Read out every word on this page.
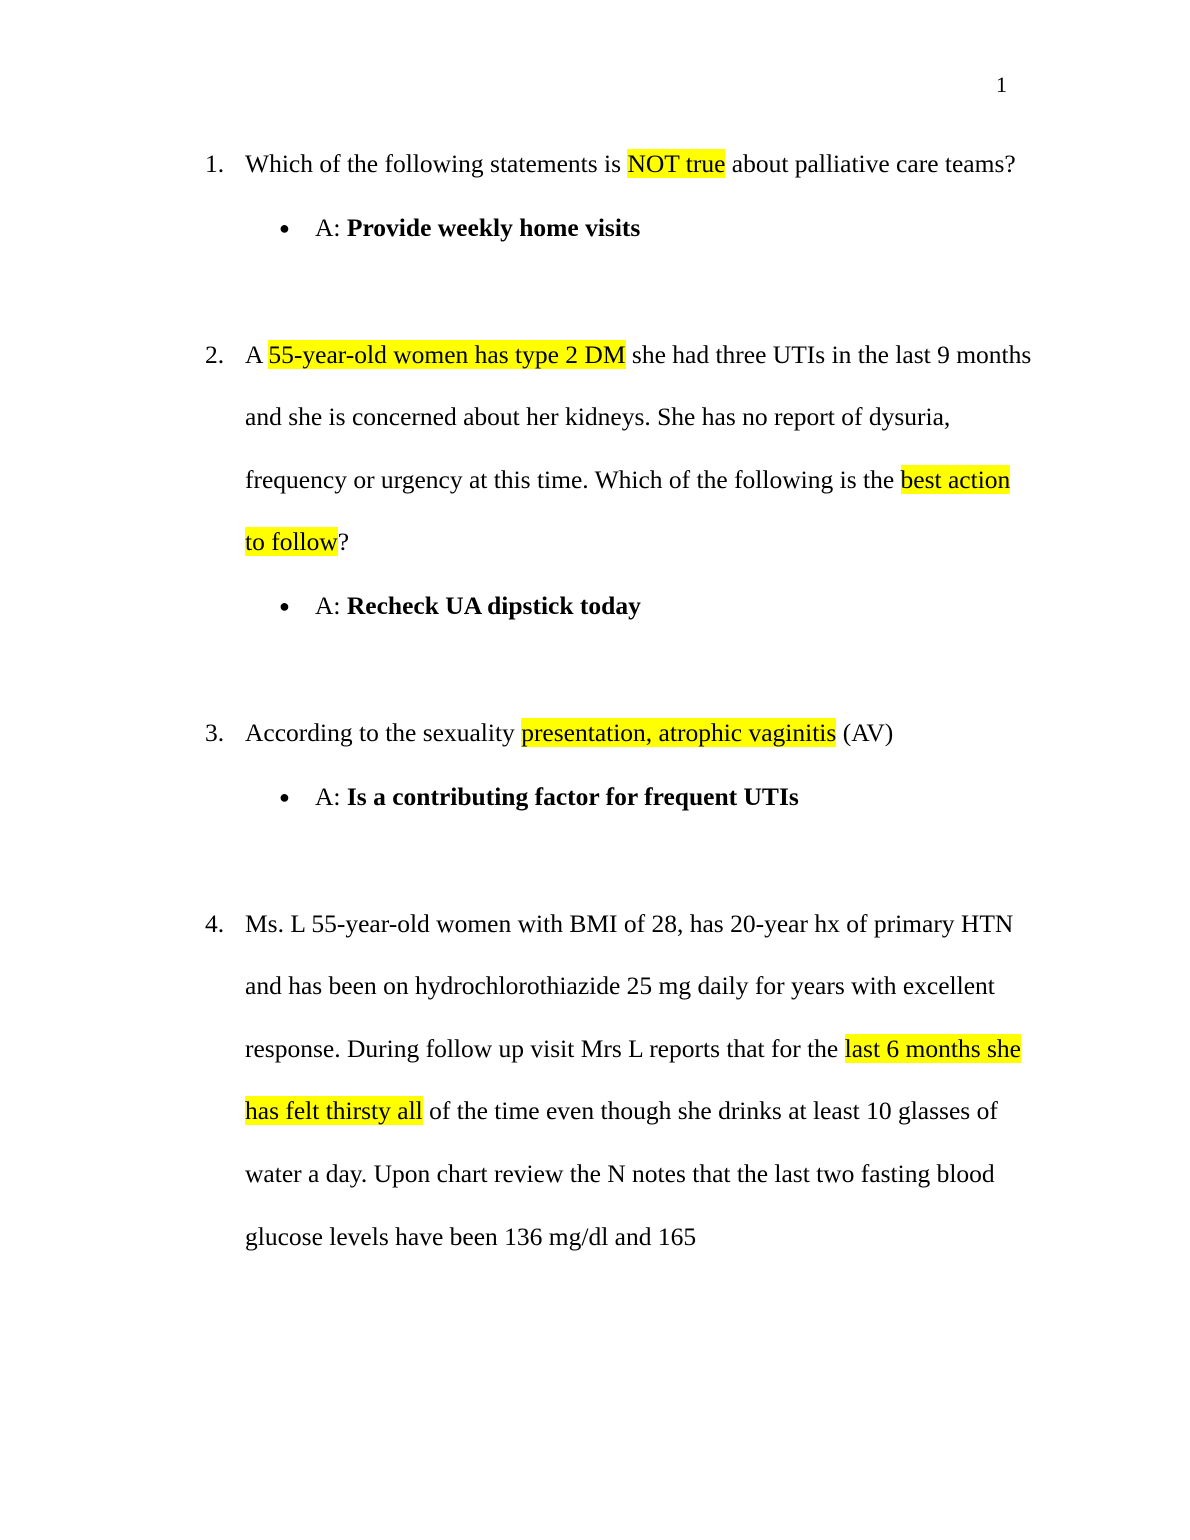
1
1. Which of the following statements is NOT true about palliative care teams?
● A: Provide weekly home visits
2. A 55-year-old women has type 2 DM she had three UTIs in the last 9 months and she is concerned about her kidneys. She has no report of dysuria, frequency or urgency at this time. Which of the following is the best action to follow?
● A: Recheck UA dipstick today
3. According to the sexuality presentation, atrophic vaginitis (AV)
● A: Is a contributing factor for frequent UTIs
4. Ms. L 55-year-old women with BMI of 28, has 20-year hx of primary HTN and has been on hydrochlorothiazide 25 mg daily for years with excellent response. During follow up visit Mrs L reports that for the last 6 months she has felt thirsty all of the time even though she drinks at least 10 glasses of water a day. Upon chart review the N notes that the last two fasting blood glucose levels have been 136 mg/dl and 165
